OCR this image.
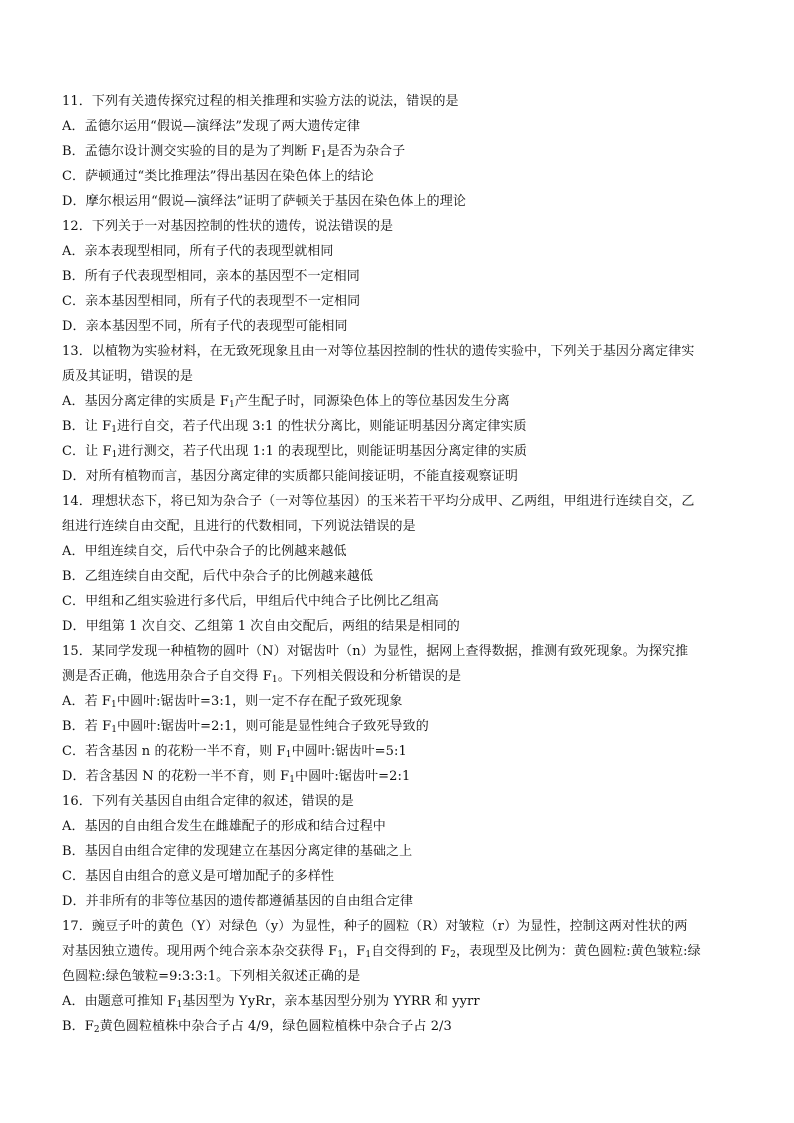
11．下列有关遗传探究过程的相关推理和实验方法的说法，错误的是
A．孟德尔运用“假说—演绎法”发现了两大遗传定律
B．孟德尔设计测交实验的目的是为了判断 $F_1$是否为杂合子
C．萨顿通过“类比推理法”得出基因在染色体上的结论
D．摩尔根运用“假说—演绎法”证明了萨顿关于基因在染色体上的理论
12．下列关于一对基因控制的性状的遗传，说法错误的是
A．亲本表现型相同，所有子代的表现型就相同
B．所有子代表现型相同，亲本的基因型不一定相同
C．亲本基因型相同，所有子代的表现型不一定相同
D．亲本基因型不同，所有子代的表现型可能相同
13．以植物为实验材料，在无致死现象且由一对等位基因控制的性状的遗传实验中，下列关于基因分离定律实
质及其证明，错误的是
A．基因分离定律的实质是 $F_1$产生配子时，同源染色体上的等位基因发生分离
B．让 $F_1$进行自交，若子代出现 3:1 的性状分离比，则能证明基因分离定律实质
C．让 $F_1$进行测交，若子代出现 1:1 的表现型比，则能证明基因分离定律的实质
D．对所有植物而言，基因分离定律的实质都只能间接证明，不能直接观察证明
14．理想状态下，将已知为杂合子（一对等位基因）的玉米若干平均分成甲、乙两组，甲组进行连续自交，乙
组进行连续自由交配，且进行的代数相同，下列说法错误的是
A．甲组连续自交，后代中杂合子的比例越来越低
B．乙组连续自由交配，后代中杂合子的比例越来越低
C．甲组和乙组实验进行多代后，甲组后代中纯合子比例比乙组高
D．甲组第 1 次自交、乙组第 1 次自由交配后，两组的结果是相同的
15．某同学发现一种植物的圆叶（N）对锯齿叶（n）为显性，据网上查得数据，推测有致死现象。为探究推
测是否正确，他选用杂合子自交得 $F_1$。下列相关假设和分析错误的是
A．若 $F_1$中圆叶:锯齿叶=3:1，则一定不存在配子致死现象
B．若 $F_1$中圆叶:锯齿叶=2:1，则可能是显性纯合子致死导致的
C．若含基因 n 的花粉一半不育，则 $F_1$中圆叶:锯齿叶=5:1
D．若含基因 N 的花粉一半不育，则 $F_1$中圆叶:锯齿叶=2:1
16．下列有关基因自由组合定律的叙述，错误的是
A．基因的自由组合发生在雌雄配子的形成和结合过程中
B．基因自由组合定律的发现建立在基因分离定律的基础之上
C．基因自由组合的意义是可增加配子的多样性
D．并非所有的非等位基因的遗传都遵循基因的自由组合定律
17．豌豆子叶的黄色（Y）对绿色（y）为显性，种子的圆粒（R）对皱粒（r）为显性，控制这两对性状的两
对基因独立遗传。现用两个纯合亲本杂交获得 $F_1$，$F_1$自交得到的 $F_2$，表现型及比例为：黄色圆粒:黄色皱粒:绿
色圆粒:绿色皱粒=9:3:3:1。下列相关叙述正确的是
A．由题意可推知 $F_1$基因型为 YyRr，亲本基因型分别为 YYRR 和 yyrr
B．$F_2$黄色圆粒植株中杂合子占 4/9，绿色圆粒植株中杂合子占 2/3
